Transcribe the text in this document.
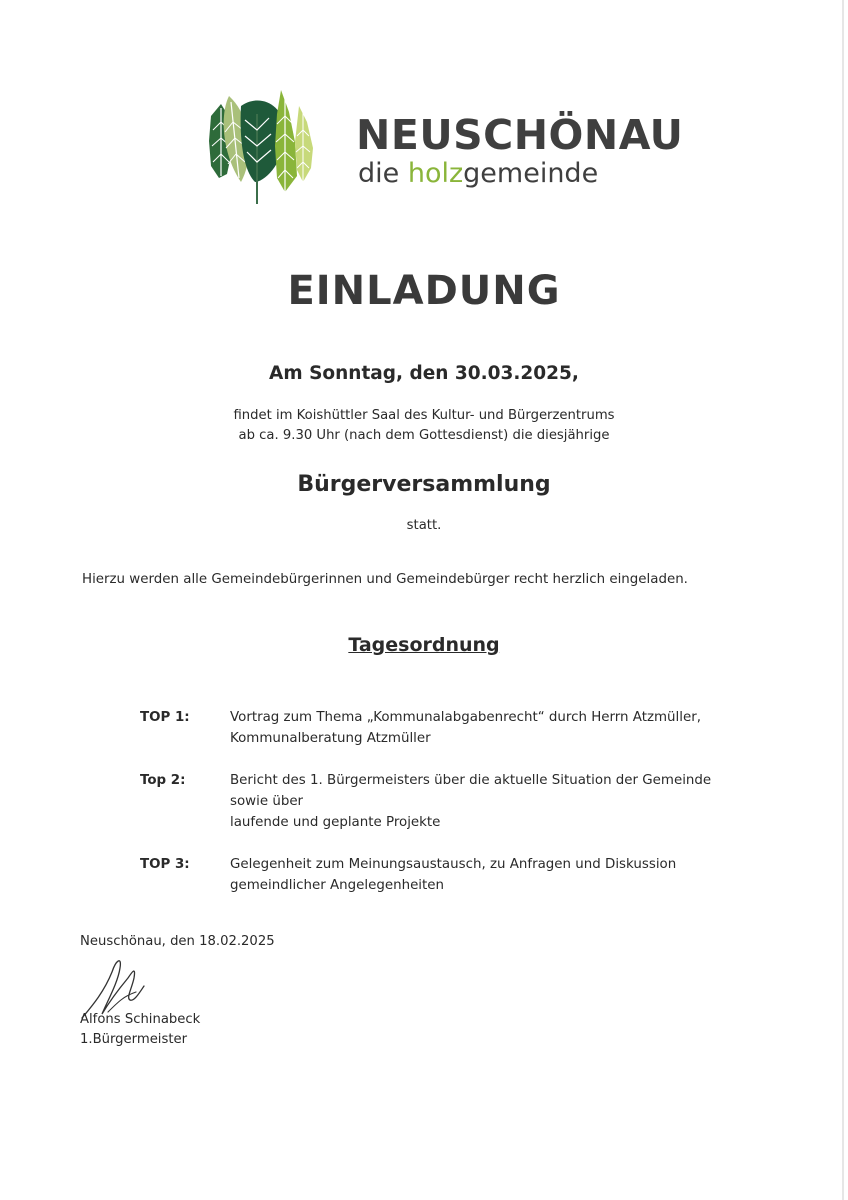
NEUSCHÖNAU
die holzgemeinde
EINLADUNG
Am Sonntag, den 30.03.2025,
findet im Koishüttler Saal des Kultur- und Bürgerzentrums
ab ca. 9.30 Uhr (nach dem Gottesdienst) die diesjährige
Bürgerversammlung
statt.
Hierzu werden alle Gemeindebürgerinnen und Gemeindebürger recht herzlich eingeladen.
Tagesordnung
TOP 1:	Vortrag zum Thema „Kommunalabgabenrecht“ durch Herrn Atzmüller,
Kommunalberatung Atzmüller
Top 2:	Bericht des 1. Bürgermeisters über die aktuelle Situation der Gemeinde
sowie über
laufende und geplante Projekte
TOP 3:	Gelegenheit zum Meinungsaustausch, zu Anfragen und Diskussion
gemeindlicher Angelegenheiten
Neuschönau, den 18.02.2025
Alfons Schinabeck
1.Bürgermeister
